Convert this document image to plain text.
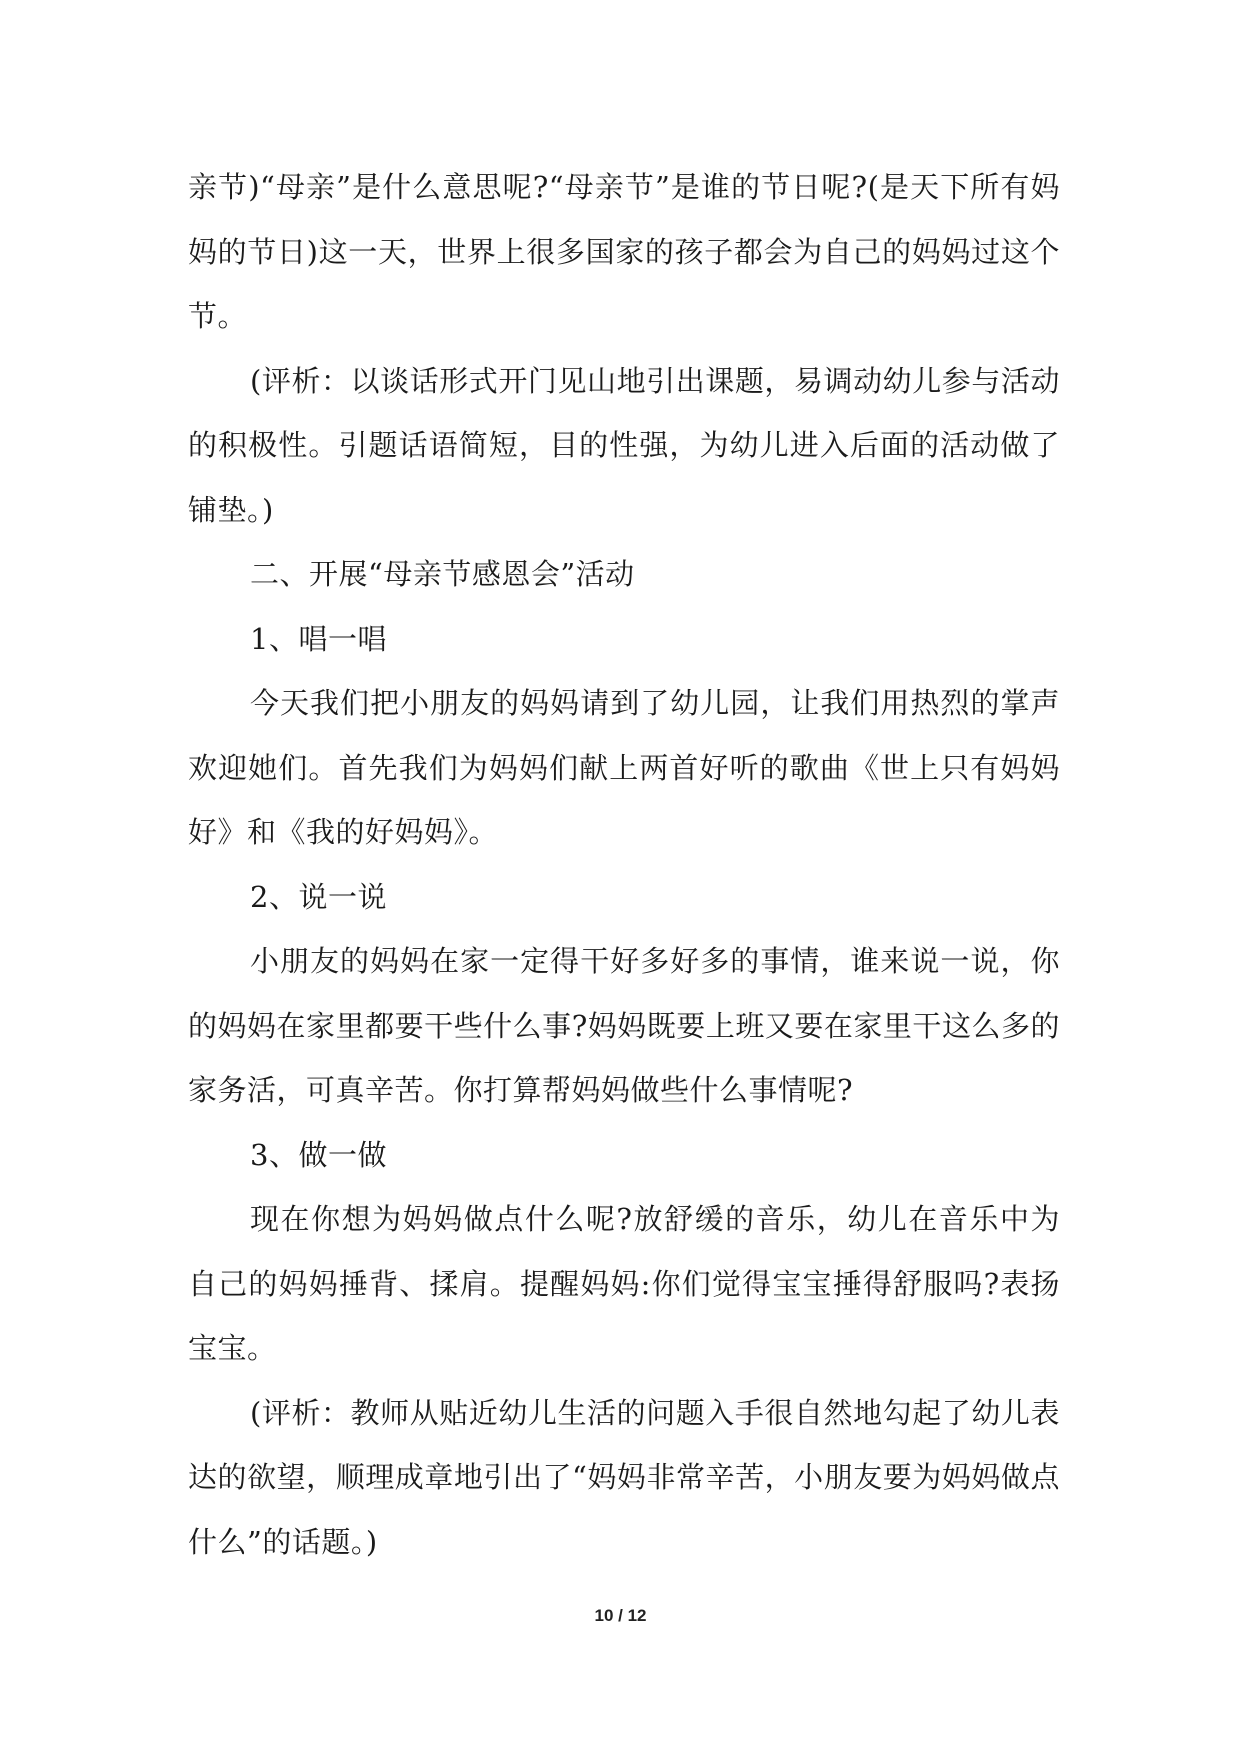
亲节)“母亲”是什么意思呢?“母亲节”是谁的节日呢?(是天下所有妈妈的节日)这一天，世界上很多国家的孩子都会为自己的妈妈过这个节。

(评析：以谈话形式开门见山地引出课题，易调动幼儿参与活动的积极性。引题话语简短，目的性强，为幼儿进入后面的活动做了铺垫。)

二、开展“母亲节感恩会”活动

1、唱一唱

今天我们把小朋友的妈妈请到了幼儿园，让我们用热烈的掌声欢迎她们。首先我们为妈妈们献上两首好听的歌曲《世上只有妈妈好》和《我的好妈妈》。

2、说一说

小朋友的妈妈在家一定得干好多好多的事情，谁来说一说，你的妈妈在家里都要干些什么事?妈妈既要上班又要在家里干这么多的家务活，可真辛苦。你打算帮妈妈做些什么事情呢?

3、做一做

现在你想为妈妈做点什么呢?放舒缓的音乐，幼儿在音乐中为自己的妈妈捶背、揉肩。提醒妈妈:你们觉得宝宝捶得舒服吗?表扬宝宝。

(评析：教师从贴近幼儿生活的问题入手很自然地勾起了幼儿表达的欲望，顺理成章地引出了“妈妈非常辛苦，小朋友要为妈妈做点什么”的话题。)

10 / 12
